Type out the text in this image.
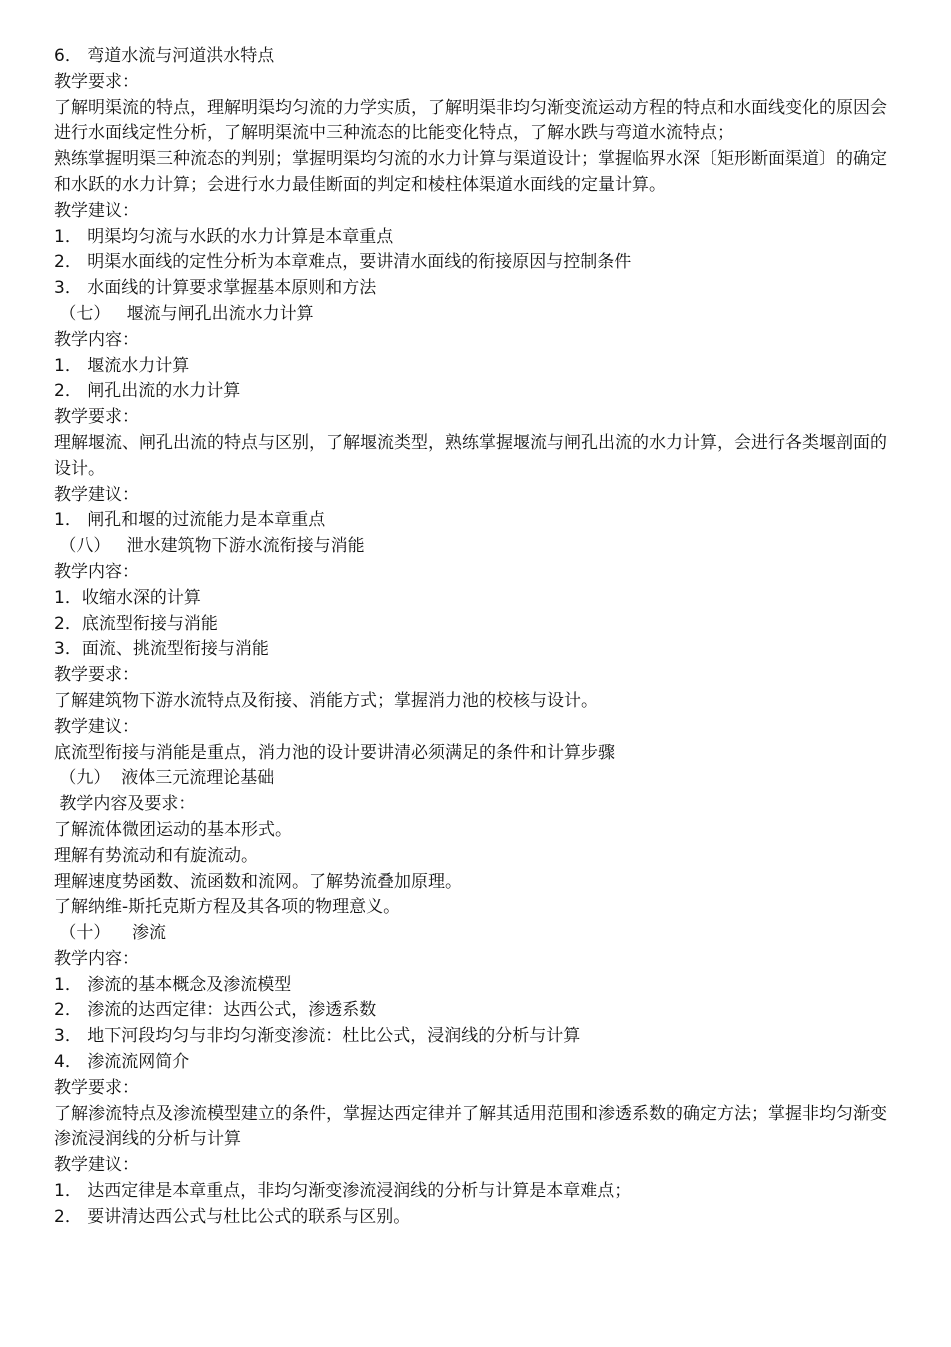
6． 弯道水流与河道洪水特点

教学要求：

了解明渠流的特点，理解明渠均匀流的力学实质，了解明渠非均匀渐变流运动方程的特点和水面线变化的原因会进行水面线定性分析，了解明渠流中三种流态的比能变化特点，了解水跌与弯道水流特点；

熟练掌握明渠三种流态的判别；掌握明渠均匀流的水力计算与渠道设计；掌握临界水深〔矩形断面渠道〕的确定和水跃的水力计算；会进行水力最佳断面的判定和棱柱体渠道水面线的定量计算。

教学建议：

1． 明渠均匀流与水跃的水力计算是本章重点

2． 明渠水面线的定性分析为本章难点，要讲清水面线的衔接原因与控制条件

3． 水面线的计算要求掌握基本原则和方法

（七）   堰流与闸孔出流水力计算

教学内容：

1． 堰流水力计算

2． 闸孔出流的水力计算

教学要求：

理解堰流、闸孔出流的特点与区别，了解堰流类型，熟练掌握堰流与闸孔出流的水力计算，会进行各类堰剖面的设计。

教学建议：

1． 闸孔和堰的过流能力是本章重点

（八）   泄水建筑物下游水流衔接与消能

教学内容：

1．收缩水深的计算

2．底流型衔接与消能

3．面流、挑流型衔接与消能

教学要求：

了解建筑物下游水流特点及衔接、消能方式；掌握消力池的校核与设计。

教学建议：

底流型衔接与消能是重点，消力池的设计要讲清必须满足的条件和计算步骤

（九）  液体三元流理论基础

教学内容及要求：

了解流体微团运动的基本形式。

理解有势流动和有旋流动。

理解速度势函数、流函数和流网。了解势流叠加原理。

了解纳维-斯托克斯方程及其各项的物理意义。

（十）    渗流

教学内容：

1． 渗流的基本概念及渗流模型

2． 渗流的达西定律：达西公式，渗透系数

3． 地下河段均匀与非均匀渐变渗流：杜比公式，浸润线的分析与计算

4． 渗流流网简介

教学要求：

了解渗流特点及渗流模型建立的条件，掌握达西定律并了解其适用范围和渗透系数的确定方法；掌握非均匀渐变渗流浸润线的分析与计算

教学建议：

1． 达西定律是本章重点，非均匀渐变渗流浸润线的分析与计算是本章难点；

2． 要讲清达西公式与杜比公式的联系与区别。
